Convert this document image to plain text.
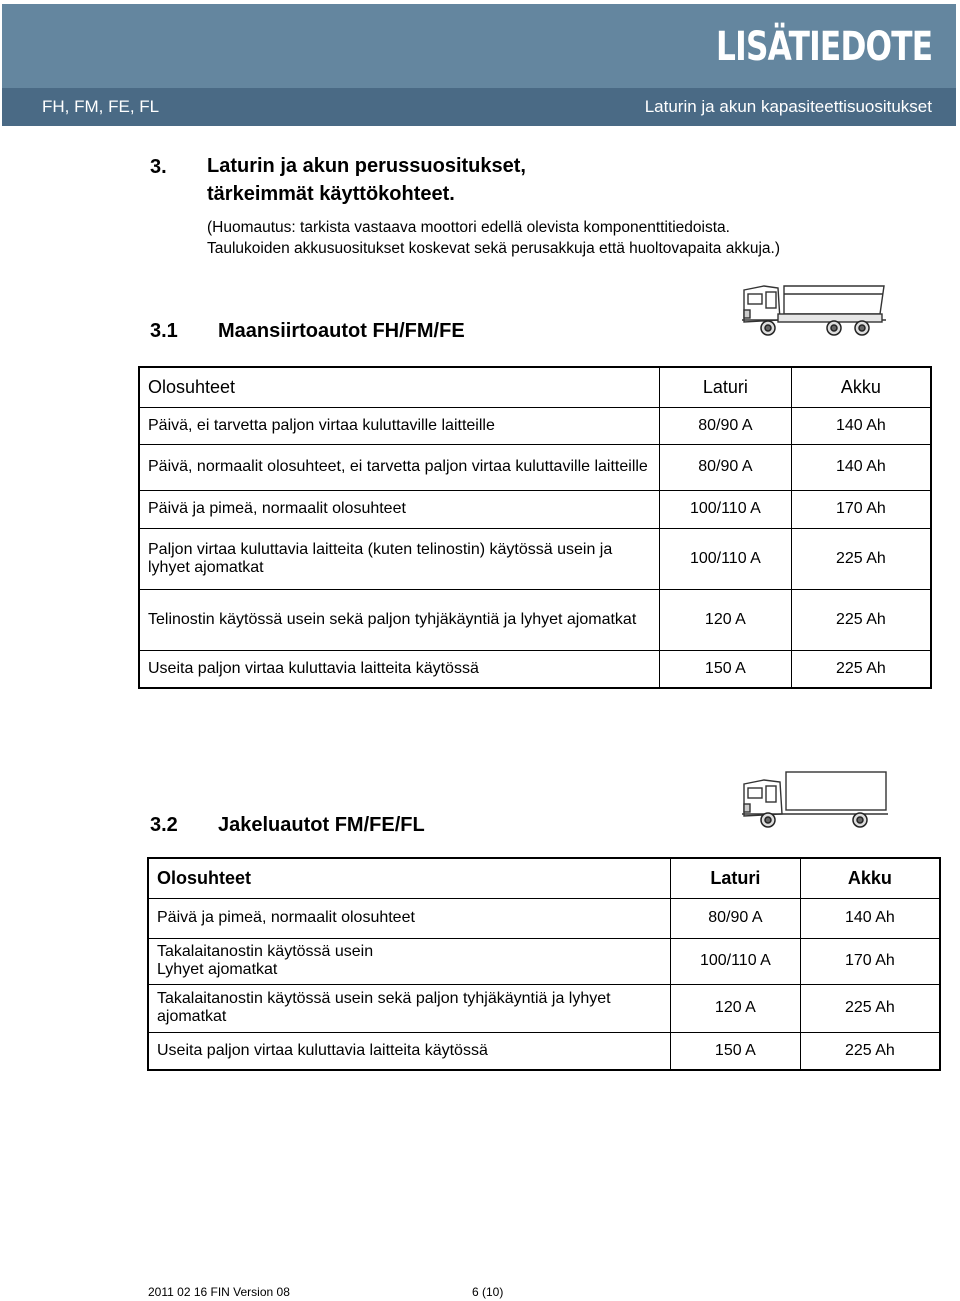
LISÄTIEDOTE
FH, FM, FE, FL	Laturin ja akun kapasiteettisuositukset
3. Laturin ja akun perussuositukset,
tärkeimmät käyttökohteet.
(Huomautus: tarkista vastaava moottori edellä olevista komponenttitiedoista.
Taulukoiden akkusuositukset koskevat sekä perusakkuja että huoltovapaita akkuja.)
3.1 Maansiirtoautot FH/FM/FE
Olosuhteet	Laturi	Akku
Päivä, ei tarvetta paljon virtaa kuluttaville laitteille	80/90 A	140 Ah
Päivä, normaalit olosuhteet, ei tarvetta paljon virtaa kuluttaville laitteille	80/90 A	140 Ah
Päivä ja pimeä, normaalit olosuhteet	100/110 A	170 Ah
Paljon virtaa kuluttavia laitteita (kuten telinostin) käytössä usein ja lyhyet ajomatkat	100/110 A	225 Ah
Telinostin käytössä usein sekä paljon tyhjäkäyntiä ja lyhyet ajomatkat	120 A	225 Ah
Useita paljon virtaa kuluttavia laitteita käytössä	150 A	225 Ah
3.2 Jakeluautot FM/FE/FL
Olosuhteet	Laturi	Akku
Päivä ja pimeä, normaalit olosuhteet	80/90 A	140 Ah

Takalaitanostin käytössä usein
Lyhyet ajomatkat	100/110 A	170 Ah
Takalaitanostin käytössä usein sekä paljon tyhjäkäyntiä ja lyhyet ajomatkat	120 A	225 Ah
Useita paljon virtaa kuluttavia laitteita käytössä	150 A	225 Ah
2011 02 16 FIN Version 08	6 (10)
